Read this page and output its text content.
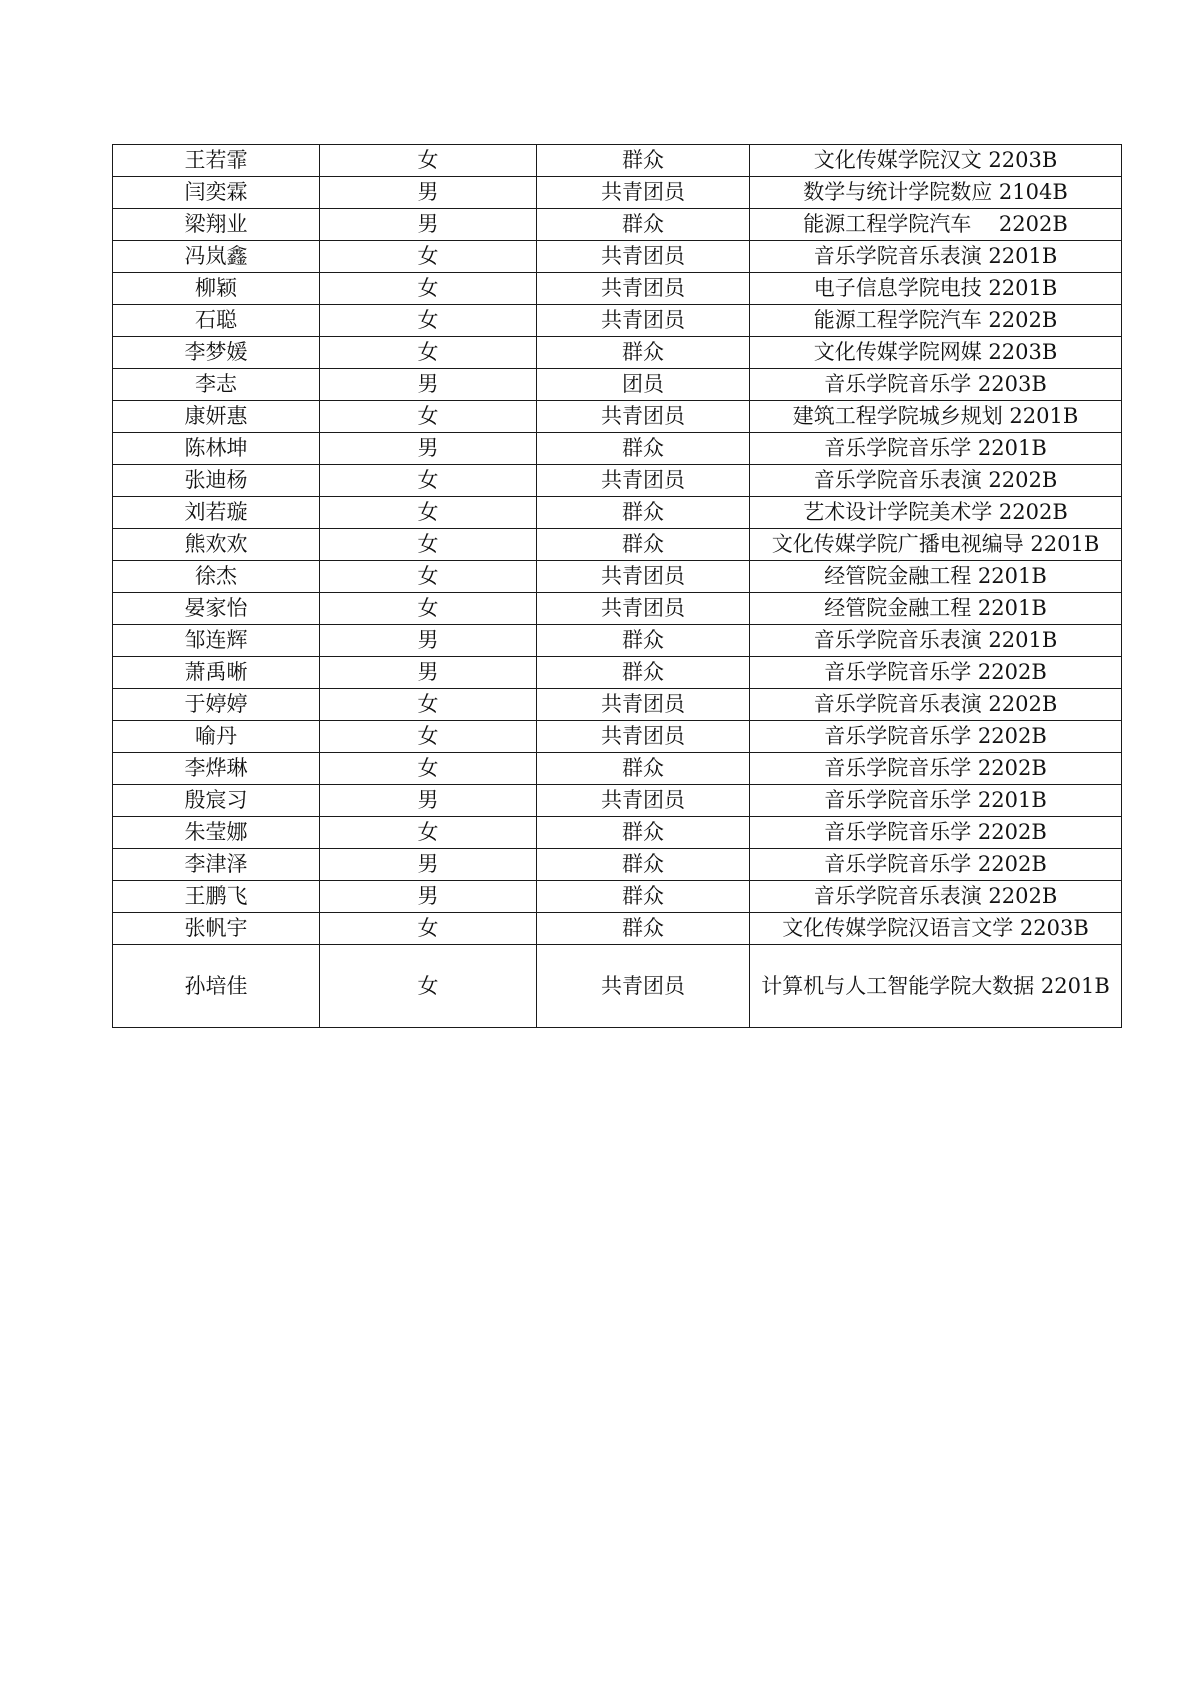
王若霏	女	群众	文化传媒学院汉文 2203B
闫奕霖	男	共青团员	数学与统计学院数应 2104B
梁翔业	男	群众	能源工程学院汽车　 2202B
冯岚鑫	女	共青团员	音乐学院音乐表演 2201B
柳颖	女	共青团员	电子信息学院电技 2201B
石聪	女	共青团员	能源工程学院汽车 2202B
李梦媛	女	群众	文化传媒学院网媒 2203B
李志	男	团员	音乐学院音乐学 2203B
康妍惠	女	共青团员	建筑工程学院城乡规划 2201B
陈林坤	男	群众	音乐学院音乐学 2201B
张迪杨	女	共青团员	音乐学院音乐表演 2202B
刘若璇	女	群众	艺术设计学院美术学 2202B
熊欢欢	女	群众	文化传媒学院广播电视编导 2201B
徐杰	女	共青团员	经管院金融工程 2201B
晏家怡	女	共青团员	经管院金融工程 2201B
邹连辉	男	群众	音乐学院音乐表演 2201B
萧禹晰	男	群众	音乐学院音乐学 2202B
于婷婷	女	共青团员	音乐学院音乐表演 2202B
喻丹	女	共青团员	音乐学院音乐学 2202B
李烨琳	女	群众	音乐学院音乐学 2202B
殷宸习	男	共青团员	音乐学院音乐学 2201B
朱莹娜	女	群众	音乐学院音乐学 2202B
李津泽	男	群众	音乐学院音乐学 2202B
王鹏飞	男	群众	音乐学院音乐表演 2202B
张帆宇	女	群众	文化传媒学院汉语言文学 2203B
孙培佳	女	共青团员	计算机与人工智能学院大数据 2201B
